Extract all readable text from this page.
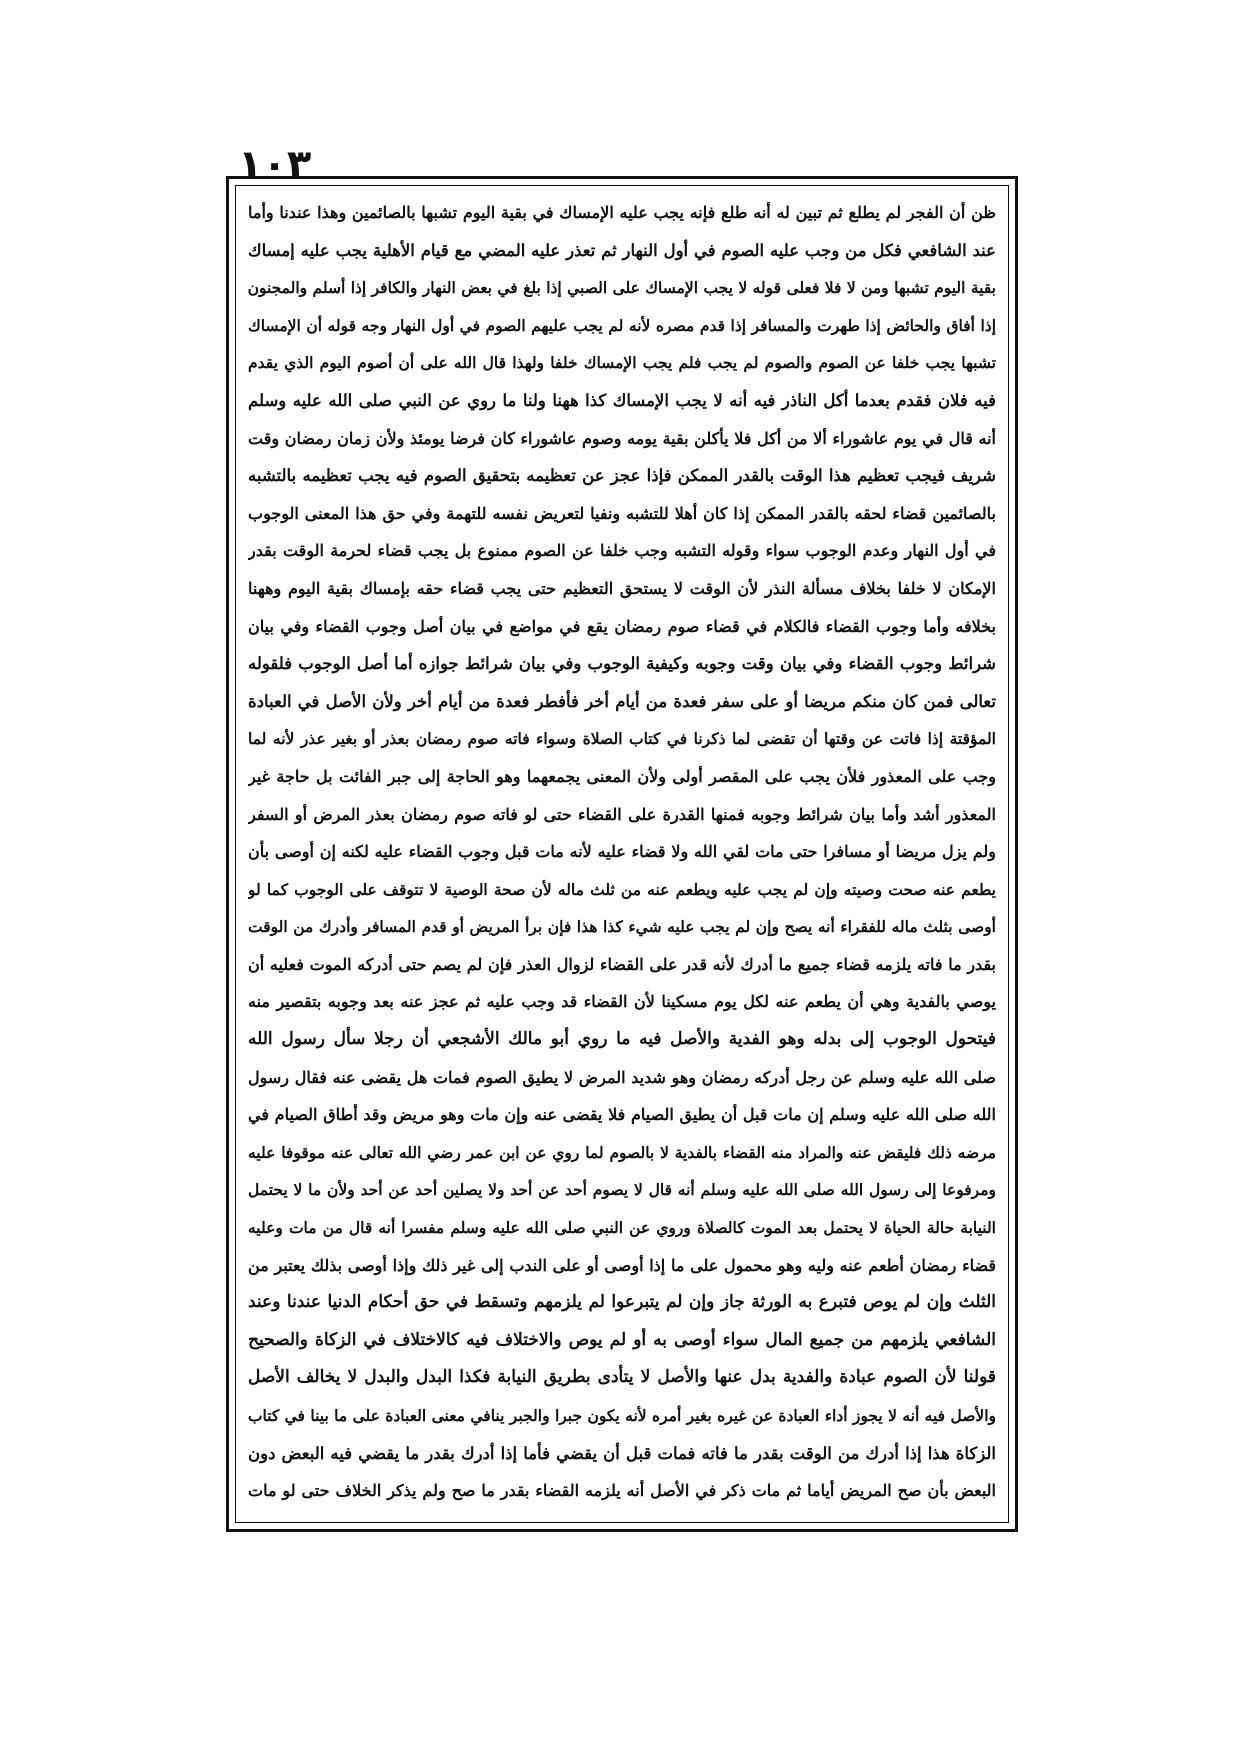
١٠٣
ظن أن الفجر لم يطلع ثم تبين له أنه طلع فإنه يجب عليه الإمساك في بقية اليوم تشبها بالصائمين وهذا عندنا وأما
عند الشافعي فكل من وجب عليه الصوم في أول النهار ثم تعذر عليه المضي مع قيام الأهلية يجب عليه إمساك
بقية اليوم تشبها ومن لا فلا فعلى قوله لا يجب الإمساك على الصبي إذا بلغ في بعض النهار والكافر إذا أسلم والمجنون
إذا أفاق والحائض إذا طهرت والمسافر إذا قدم مصره لأنه لم يجب عليهم الصوم في أول النهار وجه قوله أن الإمساك
تشبها يجب خلفا عن الصوم والصوم لم يجب فلم يجب الإمساك خلفا ولهذا قال الله على أن أصوم اليوم الذي يقدم
فيه فلان فقدم بعدما أكل الناذر فيه أنه لا يجب الإمساك كذا ههنا ولنا ما روي عن النبي صلى الله عليه وسلم
أنه قال في يوم عاشوراء ألا من أكل فلا يأكلن بقية يومه وصوم عاشوراء كان فرضا يومئذ ولأن زمان رمضان وقت
شريف فيجب تعظيم هذا الوقت بالقدر الممكن فإذا عجز عن تعظيمه بتحقيق الصوم فيه يجب تعظيمه بالتشبه
بالصائمين قضاء لحقه بالقدر الممكن إذا كان أهلا للتشبه ونفيا لتعريض نفسه للتهمة وفي حق هذا المعنى الوجوب
في أول النهار وعدم الوجوب سواء وقوله التشبه وجب خلفا عن الصوم ممنوع بل يجب قضاء لحرمة الوقت بقدر
الإمكان لا خلفا بخلاف مسألة النذر لأن الوقت لا يستحق التعظيم حتى يجب قضاء حقه بإمساك بقية اليوم وههنا
بخلافه وأما وجوب القضاء فالكلام في قضاء صوم رمضان يقع في مواضع في بيان أصل وجوب القضاء وفي بيان
شرائط وجوب القضاء وفي بيان وقت وجوبه وكيفية الوجوب وفي بيان شرائط جوازه أما أصل الوجوب فلقوله
تعالى فمن كان منكم مريضا أو على سفر فعدة من أيام أخر فأفطر فعدة من أيام أخر ولأن الأصل في العبادة
المؤقتة إذا فاتت عن وقتها أن تقضى لما ذكرنا في كتاب الصلاة وسواء فاته صوم رمضان بعذر أو بغير عذر لأنه لما
وجب على المعذور فلأن يجب على المقصر أولى ولأن المعنى يجمعهما وهو الحاجة إلى جبر الفائت بل حاجة غير
المعذور أشد وأما بيان شرائط وجوبه فمنها القدرة على القضاء حتى لو فاته صوم رمضان بعذر المرض أو السفر
ولم يزل مريضا أو مسافرا حتى مات لقي الله ولا قضاء عليه لأنه مات قبل وجوب القضاء عليه لكنه إن أوصى بأن
يطعم عنه صحت وصيته وإن لم يجب عليه ويطعم عنه من ثلث ماله لأن صحة الوصية لا تتوقف على الوجوب كما لو
أوصى بثلث ماله للفقراء أنه يصح وإن لم يجب عليه شيء كذا هذا فإن برأ المريض أو قدم المسافر وأدرك من الوقت
بقدر ما فاته يلزمه قضاء جميع ما أدرك لأنه قدر على القضاء لزوال العذر فإن لم يصم حتى أدركه الموت فعليه أن
يوصي بالفدية وهي أن يطعم عنه لكل يوم مسكينا لأن القضاء قد وجب عليه ثم عجز عنه بعد وجوبه بتقصير منه
فيتحول الوجوب إلى بدله وهو الفدية والأصل فيه ما روي أبو مالك الأشجعي أن رجلا سأل رسول الله
صلى الله عليه وسلم عن رجل أدركه رمضان وهو شديد المرض لا يطيق الصوم فمات هل يقضى عنه فقال رسول
الله صلى الله عليه وسلم إن مات قبل أن يطيق الصيام فلا يقضى عنه وإن مات وهو مريض وقد أطاق الصيام في
مرضه ذلك فليقض عنه والمراد منه القضاء بالفدية لا بالصوم لما روي عن ابن عمر رضي الله تعالى عنه موقوفا عليه
ومرفوعا إلى رسول الله صلى الله عليه وسلم أنه قال لا يصوم أحد عن أحد ولا يصلين أحد عن أحد ولأن ما لا يحتمل
النيابة حالة الحياة لا يحتمل بعد الموت كالصلاة وروي عن النبي صلى الله عليه وسلم مفسرا أنه قال من مات وعليه
قضاء رمضان أطعم عنه وليه وهو محمول على ما إذا أوصى أو على الندب إلى غير ذلك وإذا أوصى بذلك يعتبر من
الثلث وإن لم يوص فتبرع به الورثة جاز وإن لم يتبرعوا لم يلزمهم وتسقط في حق أحكام الدنيا عندنا وعند
الشافعي يلزمهم من جميع المال سواء أوصى به أو لم يوص والاختلاف فيه كالاختلاف في الزكاة والصحيح
قولنا لأن الصوم عبادة والفدية بدل عنها والأصل لا يتأدى بطريق النيابة فكذا البدل والبدل لا يخالف الأصل
والأصل فيه أنه لا يجوز أداء العبادة عن غيره بغير أمره لأنه يكون جبرا والجبر ينافي معنى العبادة على ما بينا في كتاب
الزكاة هذا إذا أدرك من الوقت بقدر ما فاته فمات قبل أن يقضي فأما إذا أدرك بقدر ما يقضي فيه البعض دون
البعض بأن صح المريض أياما ثم مات ذكر في الأصل أنه يلزمه القضاء بقدر ما صح ولم يذكر الخلاف حتى لو مات
